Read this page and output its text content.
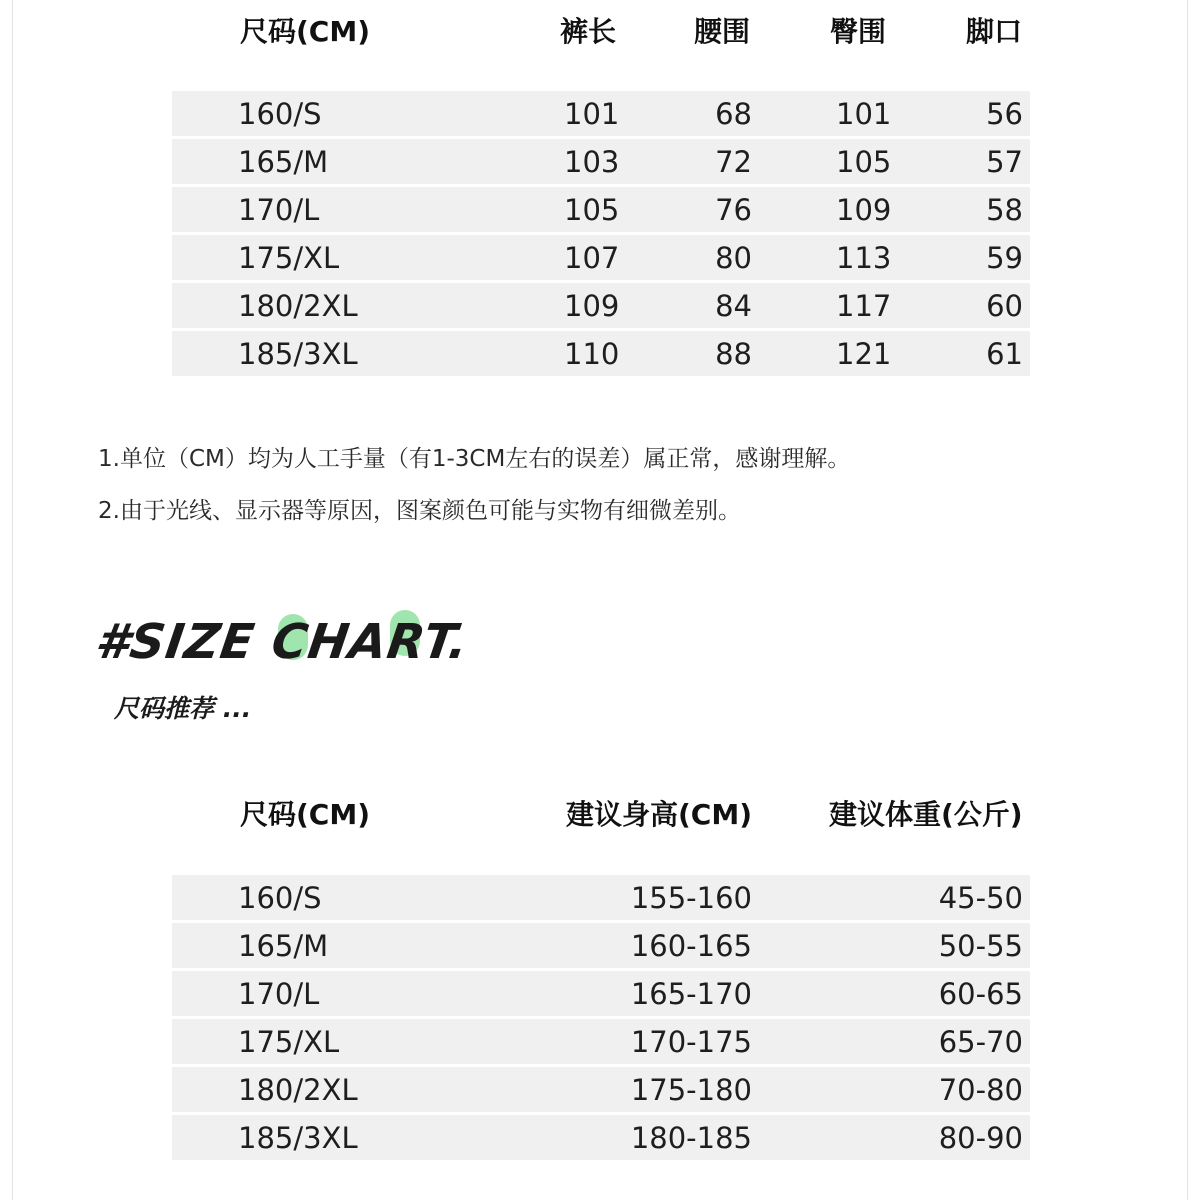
尺码(CM)	裤长	腰围	臀围	脚口
160/S	101	68	101	56
165/M	103	72	105	57
170/L	105	76	109	58
175/XL	107	80	113	59
180/2XL	109	84	117	60
185/3XL	110	88	121	61
1.单位（CM）均为人工手量（有1-3CM左右的误差）属正常，感谢理解。
2.由于光线、显示器等原因，图案颜色可能与实物有细微差别。
#SIZE CHART.
尺码推荐 ...
尺码(CM)	建议身高(CM)	建议体重(公斤)
160/S	155-160	45-50
165/M	160-165	50-55
170/L	165-170	60-65
175/XL	170-175	65-70
180/2XL	175-180	70-80
185/3XL	180-185	80-90
